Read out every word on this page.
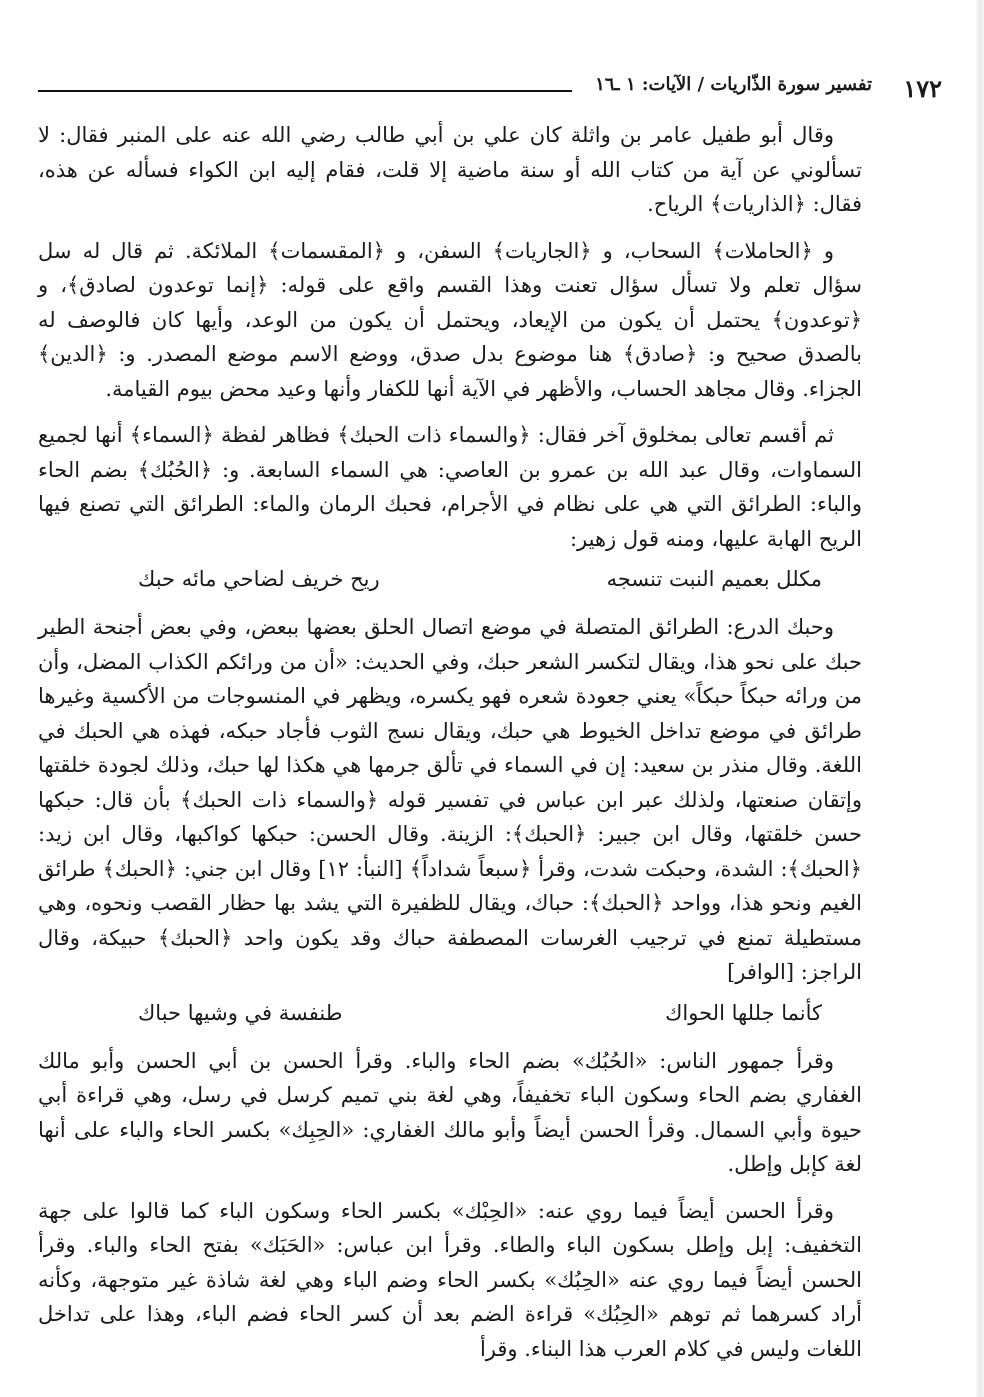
تفسير سورة الذّاريات / الآيات: ١ ـ١٦ ١٧٢

وقال أبو طفيل عامر بن واثلة كان علي بن أبي طالب رضي الله عنه على المنبر فقال: لا تسألوني عن آية من كتاب الله أو سنة ماضية إلا قلت، فقام إليه ابن الكواء فسأله عن هذه، فقال: ﴿الذاريات﴾ الرياح.

و ﴿الحاملات﴾ السحاب، و ﴿الجاريات﴾ السفن، و ﴿المقسمات﴾ الملائكة. ثم قال له سل سؤال تعلم ولا تسأل سؤال تعنت وهذا القسم واقع على قوله: ﴿إنما توعدون لصادق﴾، و ﴿توعدون﴾ يحتمل أن يكون من الإيعاد، ويحتمل أن يكون من الوعد، وأيها كان فالوصف له بالصدق صحيح و: ﴿صادق﴾ هنا موضوع بدل صدق، ووضع الاسم موضع المصدر. و: ﴿الدين﴾ الجزاء. وقال مجاهد الحساب، والأظهر في الآية أنها للكفار وأنها وعيد محض بيوم القيامة.

ثم أقسم تعالى بمخلوق آخر فقال: ﴿والسماء ذات الحبك﴾ فظاهر لفظة ﴿السماء﴾ أنها لجميع السماوات، وقال عبد الله بن عمرو بن العاصي: هي السماء السابعة. و: ﴿الحُبُك﴾ بضم الحاء والباء: الطرائق التي هي على نظام في الأجرام، فحبك الرمان والماء: الطرائق التي تصنع فيها الريح الهابة عليها، ومنه قول زهير:

مكلل بعميم النبت تنسجه
ريح خريف لضاحي مائه حبك

وحبك الدرع: الطرائق المتصلة في موضع اتصال الحلق بعضها ببعض، وفي بعض أجنحة الطير حبك على نحو هذا، ويقال لتكسر الشعر حبك، وفي الحديث: «أن من ورائكم الكذاب المضل، وأن من ورائه حبكاً حبكاً» يعني جعودة شعره فهو يكسره، ويظهر في المنسوجات من الأكسية وغيرها طرائق في موضع تداخل الخيوط هي حبك، ويقال نسج الثوب فأجاد حبكه، فهذه هي الحبك في اللغة. وقال منذر بن سعيد: إن في السماء في تألق جرمها هي هكذا لها حبك، وذلك لجودة خلقتها وإتقان صنعتها، ولذلك عبر ابن عباس في تفسير قوله ﴿والسماء ذات الحبك﴾ بأن قال: حبكها حسن خلقتها، وقال ابن جبير: ﴿الحبك﴾: الزينة. وقال الحسن: حبكها كواكبها، وقال ابن زيد: ﴿الحبك﴾: الشدة، وحبكت شدت، وقرأ ﴿سبعاً شداداً﴾ [النبأ: ١٢] وقال ابن جني: ﴿الحبك﴾ طرائق الغيم ونحو هذا، وواحد ﴿الحبك﴾: حباك، ويقال للظفيرة التي يشد بها حظار القصب ونحوه، وهي مستطيلة تمنع في ترجيب الغرسات المصطفة حباك وقد يكون واحد ﴿الحبك﴾ حبيكة، وقال الراجز: [الوافر]

كأنما جللها الحواك
طنفسة في وشيها حباك

وقرأ جمهور الناس: «الحُبُك» بضم الحاء والباء. وقرأ الحسن بن أبي الحسن وأبو مالك الغفاري بضم الحاء وسكون الباء تخفيفاً، وهي لغة بني تميم كرسل في رسل، وهي قراءة أبي حيوة وأبي السمال. وقرأ الحسن أيضاً وأبو مالك الغفاري: «الحِبِك» بكسر الحاء والباء على أنها لغة كإبل وإطل.

وقرأ الحسن أيضاً فيما روي عنه: «الحِبْك» بكسر الحاء وسكون الباء كما قالوا على جهة التخفيف: إبل وإطل بسكون الباء والطاء. وقرأ ابن عباس: «الحَبَك» بفتح الحاء والباء. وقرأ الحسن أيضاً فيما روي عنه «الحِبُك» بكسر الحاء وضم الباء وهي لغة شاذة غير متوجهة، وكأنه أراد كسرهما ثم توهم «الحِبُك» قراءة الضم بعد أن كسر الحاء فضم الباء، وهذا على تداخل اللغات وليس في كلام العرب هذا البناء. وقرأ
